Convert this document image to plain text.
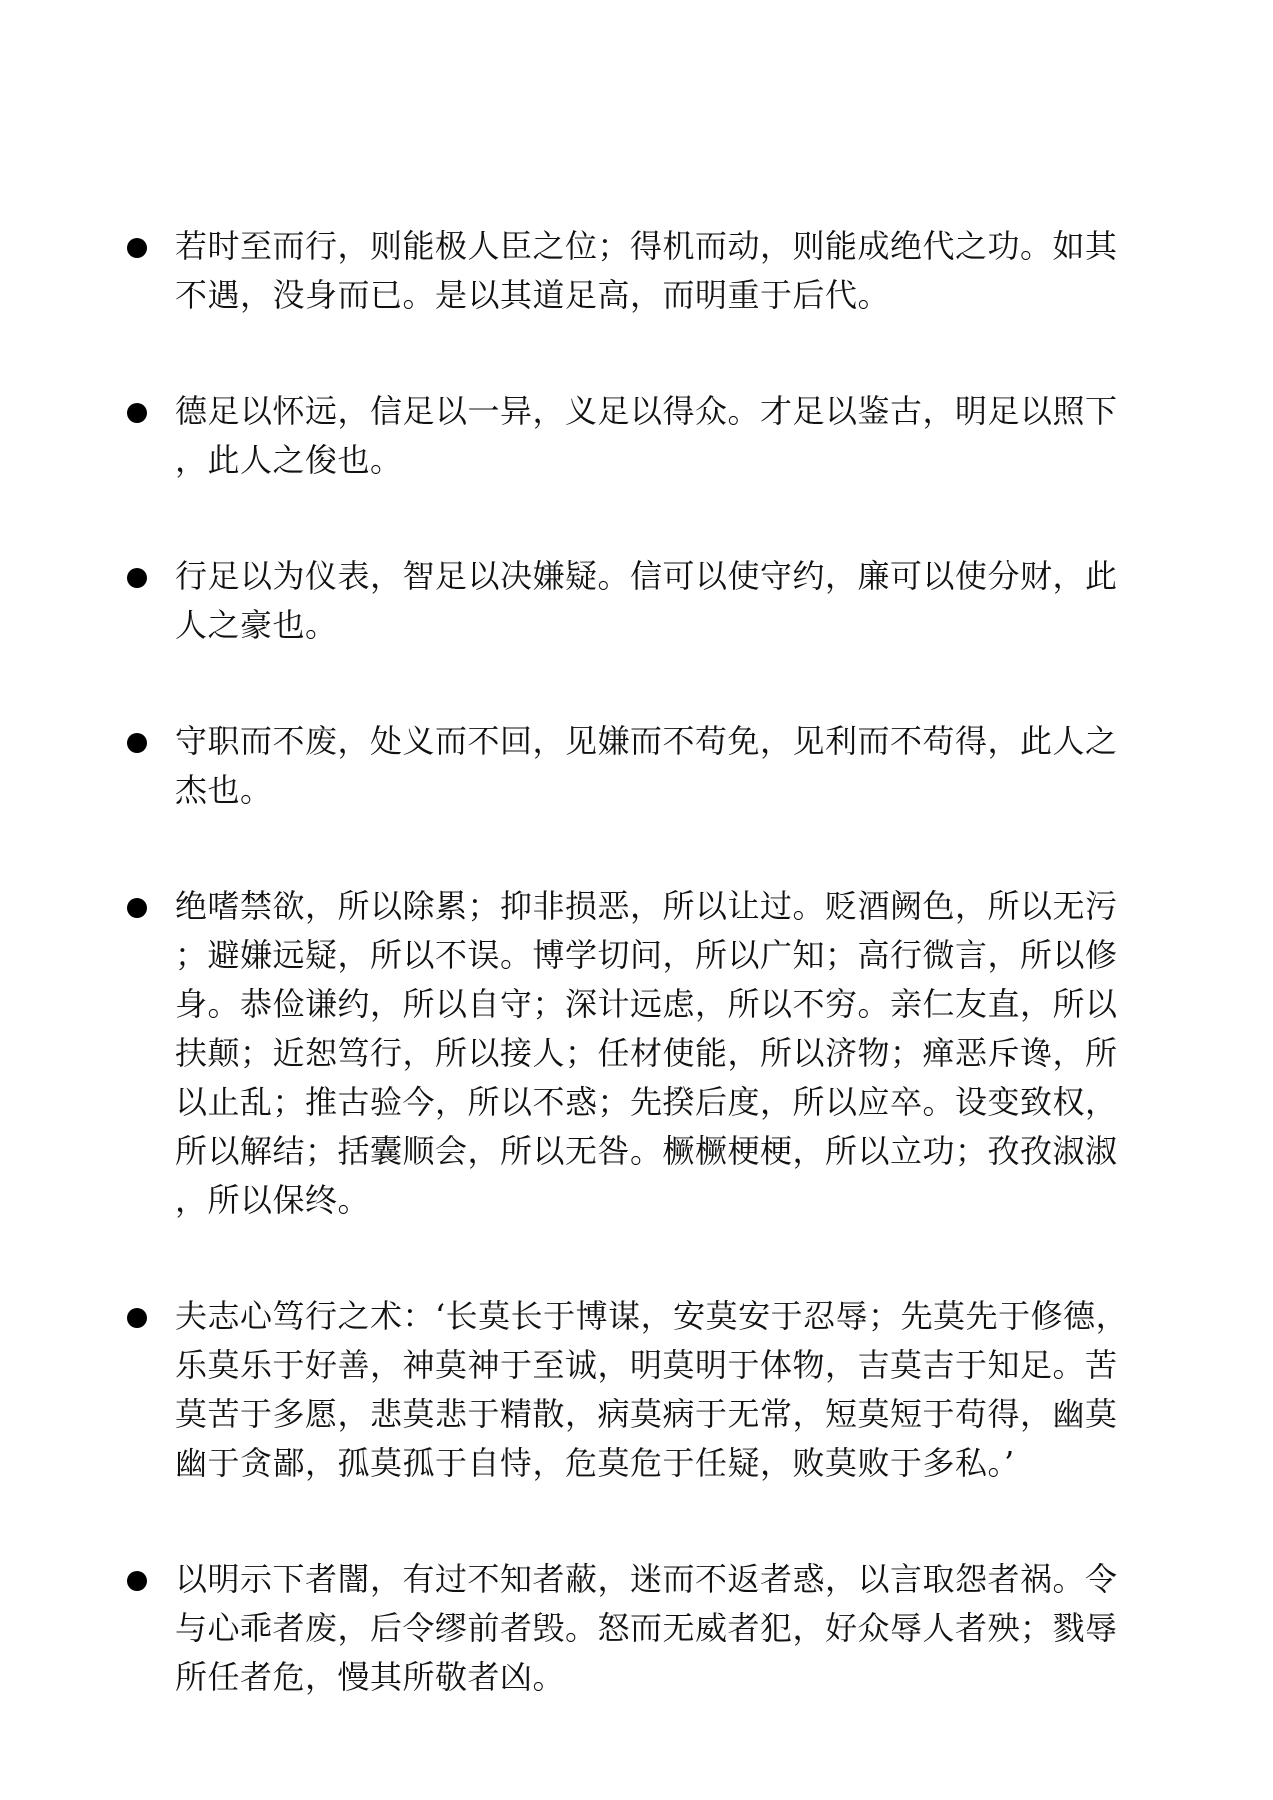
若时至而行，则能极人臣之位；得机而动，则能成绝代之功。如其
不遇，没身而已。是以其道足高，而明重于后代。
德足以怀远，信足以一异，义足以得众。才足以鉴古，明足以照下
，此人之俊也。
行足以为仪表，智足以决嫌疑。信可以使守约，廉可以使分财，此
人之豪也。
守职而不废，处义而不回，见嫌而不苟免，见利而不苟得，此人之
杰也。
绝嗜禁欲，所以除累；抑非损恶，所以让过。贬酒阙色，所以无污
；避嫌远疑，所以不误。博学切问，所以广知；高行微言，所以修
身。恭俭谦约，所以自守；深计远虑，所以不穷。亲仁友直，所以
扶颠；近恕笃行，所以接人；任材使能，所以济物；瘅恶斥谗，所
以止乱；推古验今，所以不惑；先揆后度，所以应卒。设变致权，
所以解结；括囊顺会，所以无咎。橛橛梗梗，所以立功；孜孜淑淑
，所以保终。
夫志心笃行之术：‘长莫长于博谋，安莫安于忍辱；先莫先于修德，
乐莫乐于好善，神莫神于至诚，明莫明于体物，吉莫吉于知足。苦
莫苦于多愿，悲莫悲于精散，病莫病于无常，短莫短于苟得，幽莫
幽于贪鄙，孤莫孤于自恃，危莫危于任疑，败莫败于多私。’
以明示下者闇，有过不知者蔽，迷而不返者惑，以言取怨者祸。令
与心乖者废，后令缪前者毁。怒而无威者犯，好众辱人者殃；戮辱
所任者危，慢其所敬者凶。
